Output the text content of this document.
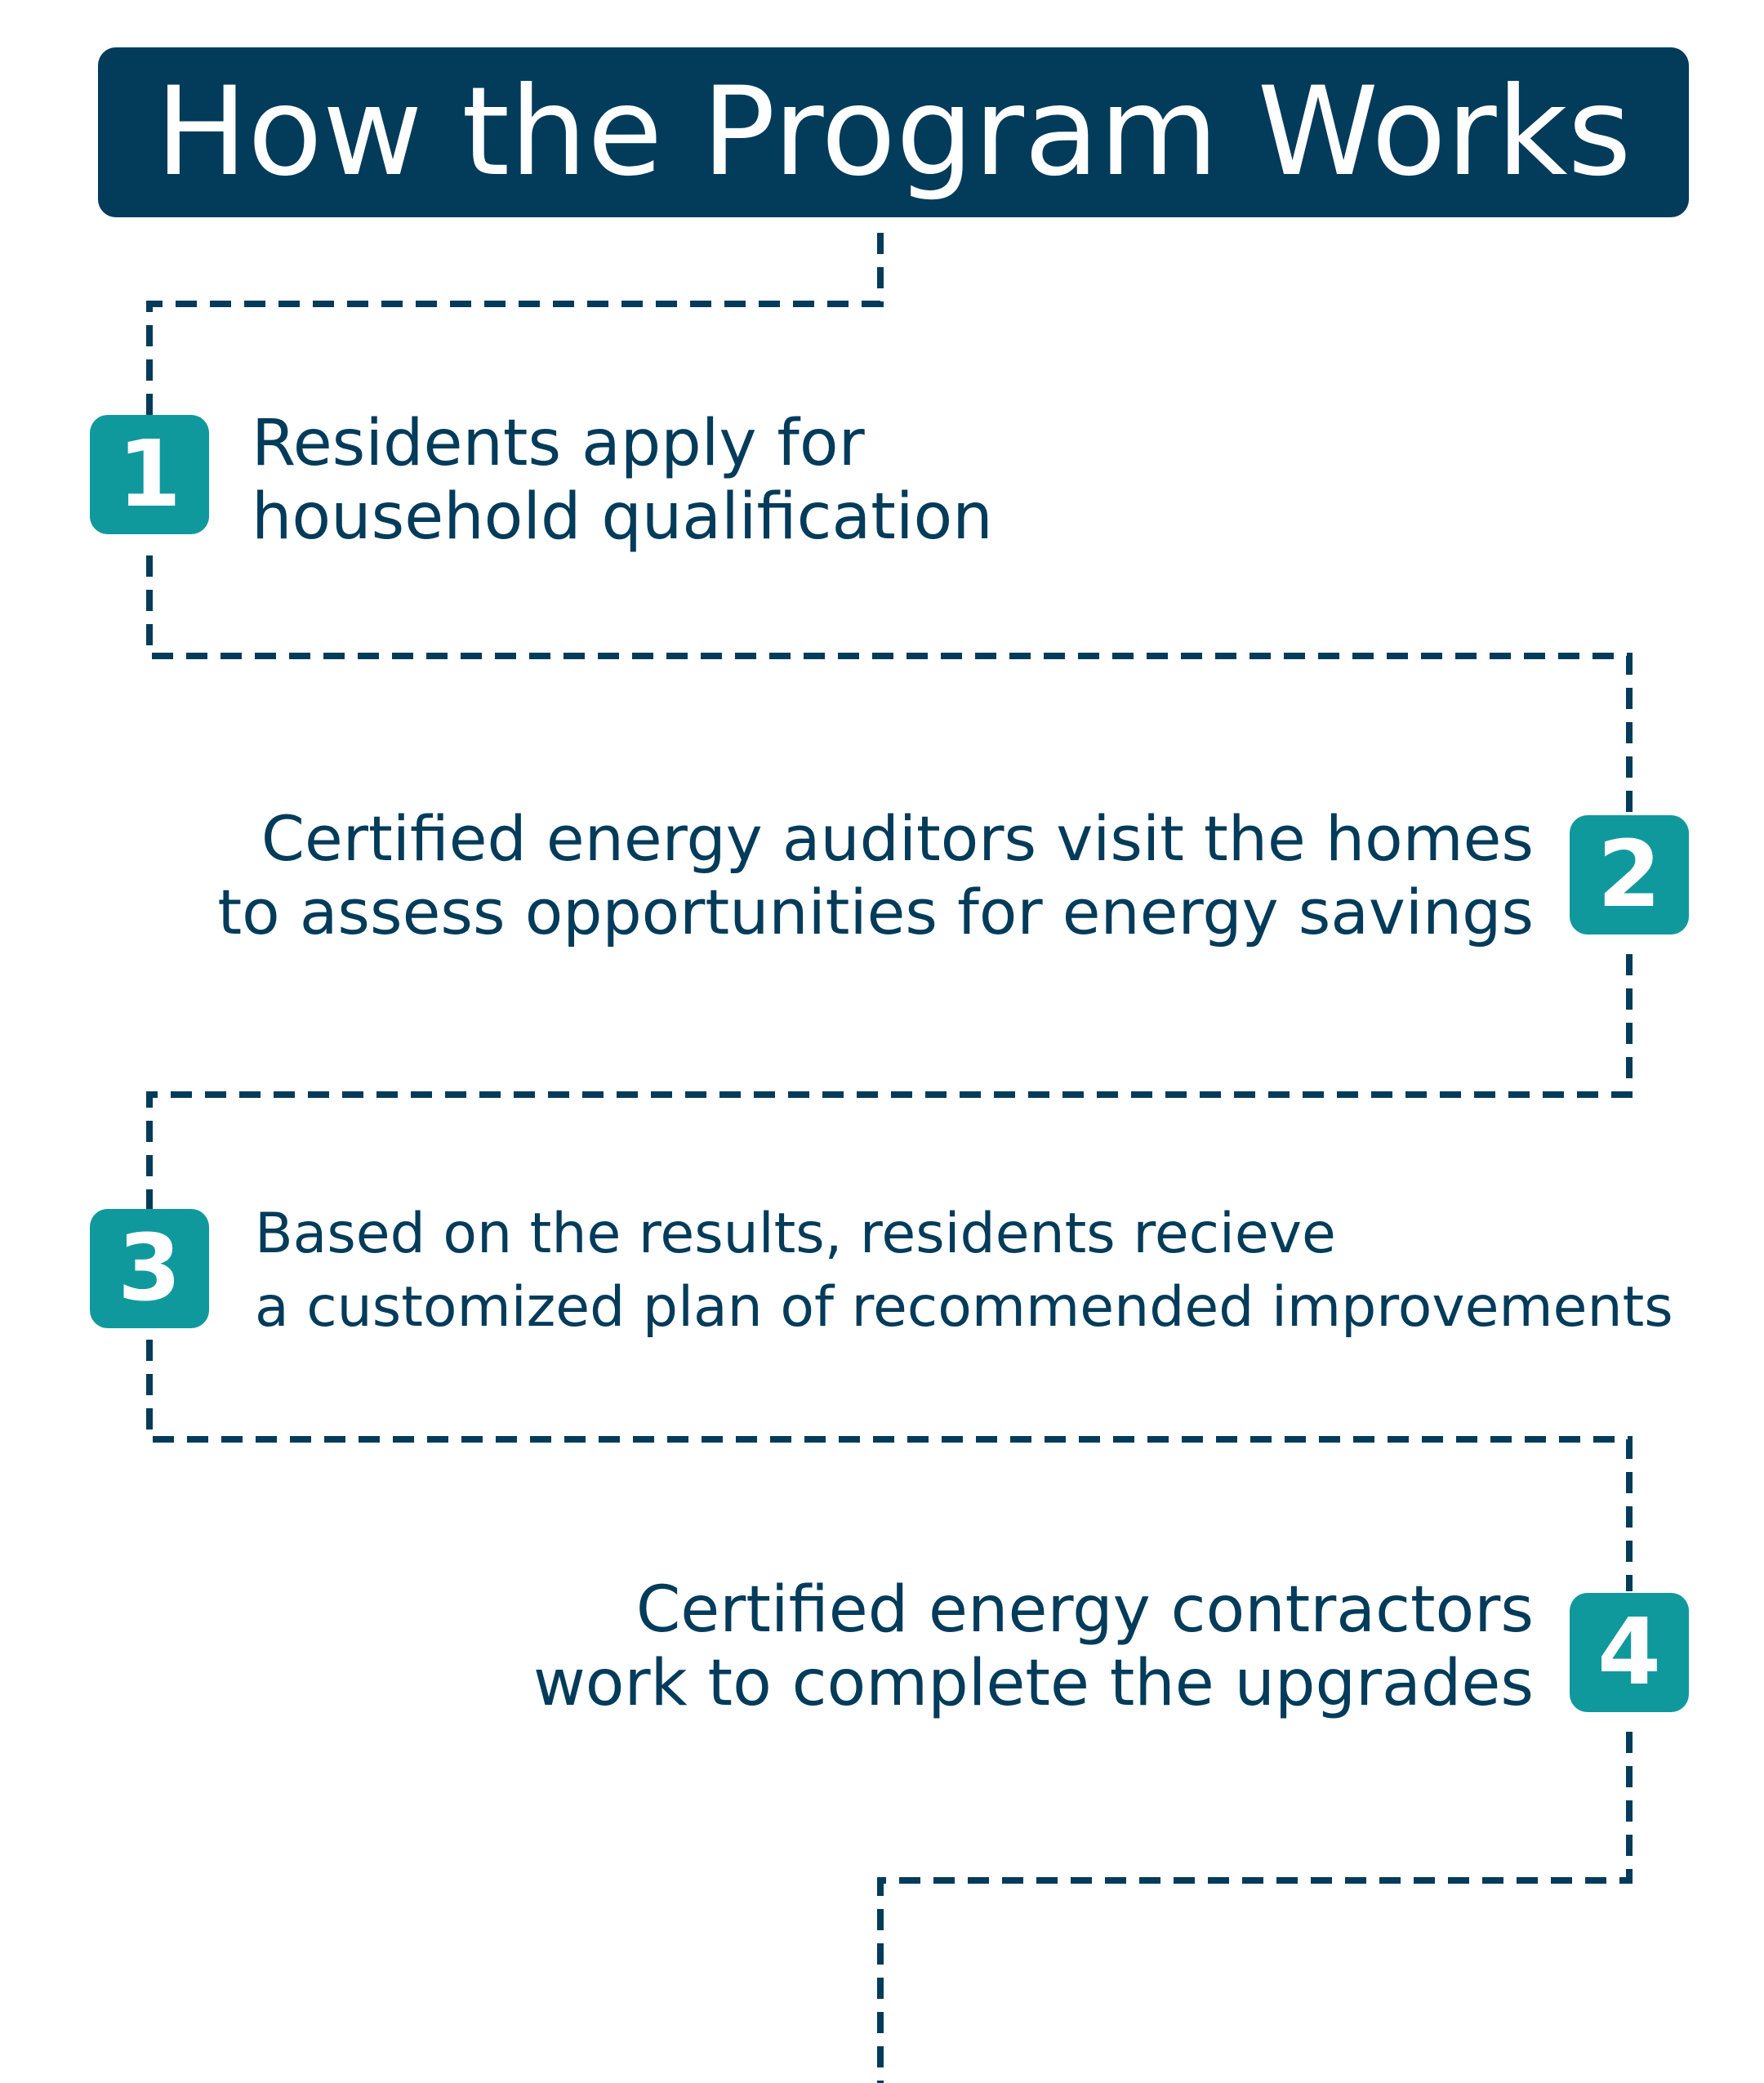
How the Program Works
1 Residents apply for
household qualification
2
Certified energy auditors visit the homes
to assess opportunities for energy savings
3 Based on the results, residents recieve
a customized plan of recommended improvements
4
Certified energy contractors
work to complete the upgrades
